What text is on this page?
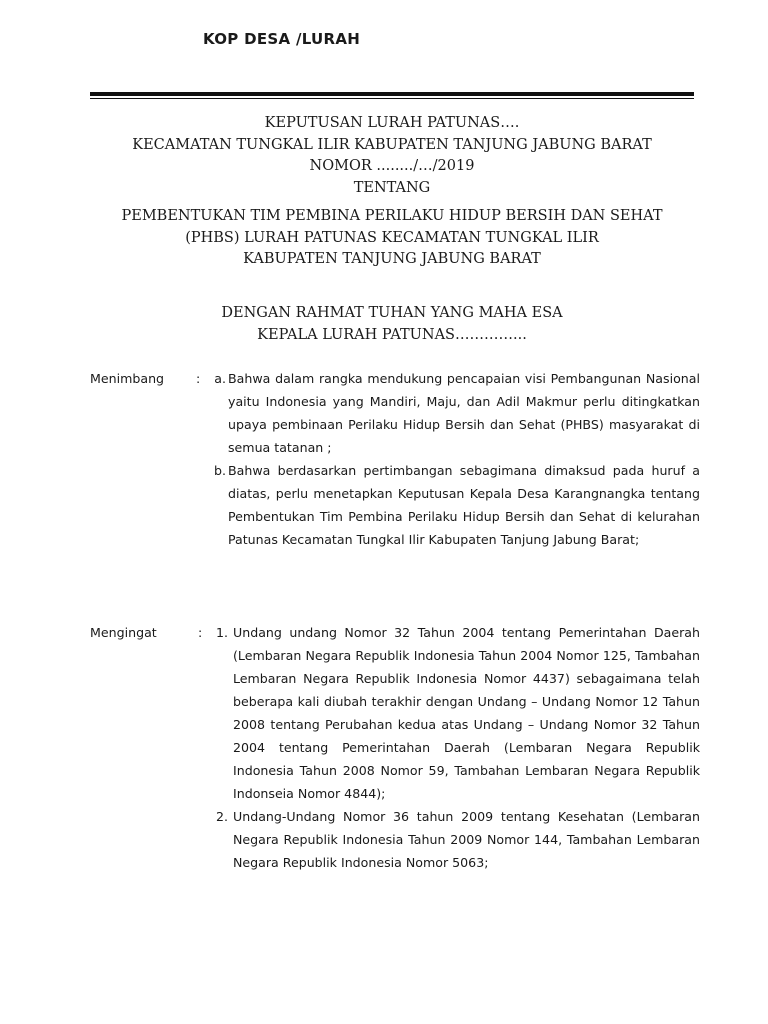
KOP DESA /LURAH
KEPUTUSAN LURAH PATUNAS….
KECAMATAN TUNGKAL ILIR KABUPATEN TANJUNG JABUNG BARAT
NOMOR ......../…/2019
TENTANG
PEMBENTUKAN TIM PEMBINA PERILAKU HIDUP BERSIH DAN SEHAT
(PHBS) LURAH PATUNAS KECAMATAN TUNGKAL ILIR
KABUPATEN TANJUNG JABUNG BARAT
DENGAN RAHMAT TUHAN YANG MAHA ESA
KEPALA LURAH PATUNAS…………...
Menimbang	:	a. Bahwa dalam rangka mendukung pencapaian visi Pembangunan Nasional yaitu Indonesia yang Mandiri, Maju, dan Adil Makmur perlu ditingkatkan upaya pembinaan Perilaku Hidup Bersih dan Sehat (PHBS) masyarakat di semua tatanan ;
b. Bahwa berdasarkan pertimbangan sebagimana dimaksud pada huruf a diatas, perlu menetapkan Keputusan Kepala Desa Karangnangka tentang Pembentukan Tim Pembina Perilaku Hidup Bersih dan Sehat di kelurahan Patunas Kecamatan Tungkal Ilir Kabupaten Tanjung Jabung Barat;
Mengingat	:	1. Undang undang Nomor 32 Tahun 2004 tentang Pemerintahan Daerah (Lembaran Negara Republik Indonesia Tahun 2004 Nomor 125, Tambahan Lembaran Negara Republik Indonesia Nomor 4437) sebagaimana telah beberapa kali diubah terakhir dengan Undang – Undang Nomor 12 Tahun 2008 tentang Perubahan kedua atas Undang – Undang Nomor 32 Tahun 2004 tentang Pemerintahan Daerah (Lembaran Negara Republik Indonesia Tahun 2008 Nomor 59, Tambahan Lembaran Negara Republik Indonseia Nomor 4844);
2. Undang-Undang Nomor 36 tahun 2009 tentang Kesehatan (Lembaran Negara Republik Indonesia Tahun 2009 Nomor 144, Tambahan Lembaran Negara Republik Indonesia Nomor 5063;
